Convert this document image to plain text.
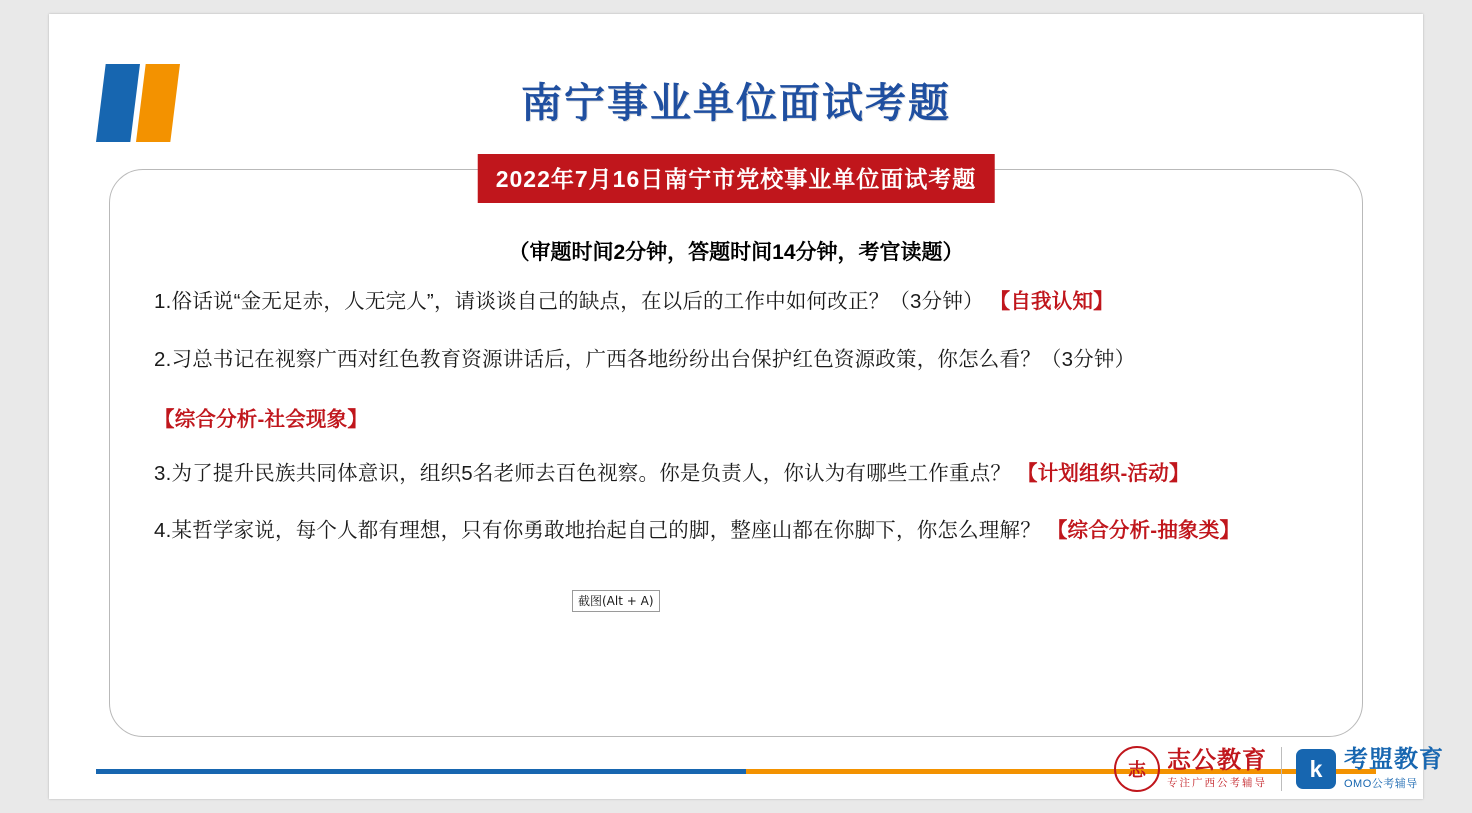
南宁事业单位面试考题
2022年7月16日南宁市党校事业单位面试考题
（审题时间2分钟，答题时间14分钟，考官读题）
1.俗话说“金无足赤，人无完人”，请谈谈自己的缺点，在以后的工作中如何改正？（3分钟） 【自我认知】
2.习总书记在视察广西对红色教育资源讲话后，广西各地纷纷出台保护红色资源政策，你怎么看？（3分钟）
【综合分析-社会现象】
3.为了提升民族共同体意识，组织5名老师去百色视察。你是负责人，你认为有哪些工作重点？ 【计划组织-活动】
4.某哲学家说，每个人都有理想，只有你勇敢地抬起自己的脚，整座山都在你脚下，你怎么理解？ 【综合分析-抽象类】
截图(Alt + A)
志 志公教育
专注广西公考辅导
k 考盟教育
OMO公考辅导
